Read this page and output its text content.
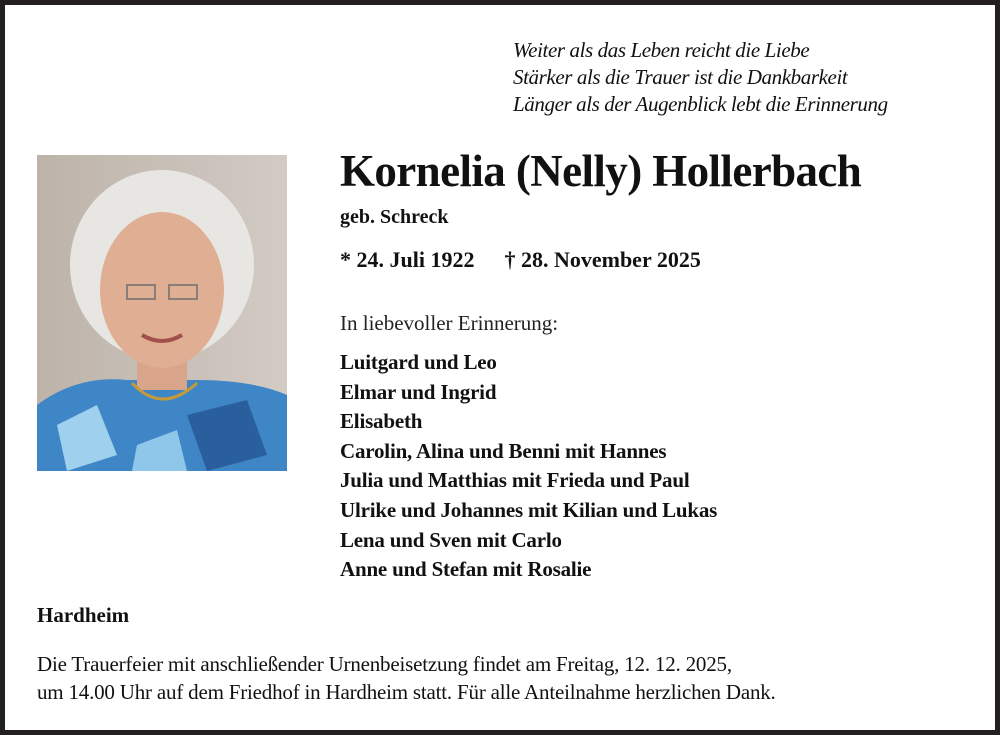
Weiter als das Leben reicht die Liebe
Stärker als die Trauer ist die Dankbarkeit
Länger als der Augenblick lebt die Erinnerung
Kornelia (Nelly) Hollerbach
geb. Schreck
* 24. Juli 1922 † 28. November 2025
In liebevoller Erinnerung:
Luitgard und Leo
Elmar und Ingrid
Elisabeth
Carolin, Alina und Benni mit Hannes
Julia und Matthias mit Frieda und Paul
Ulrike und Johannes mit Kilian und Lukas
Lena und Sven mit Carlo
Anne und Stefan mit Rosalie
Hardheim
Die Trauerfeier mit anschließender Urnenbeisetzung findet am Freitag, 12. 12. 2025,
um 14.00 Uhr auf dem Friedhof in Hardheim statt. Für alle Anteilnahme herzlichen Dank.
